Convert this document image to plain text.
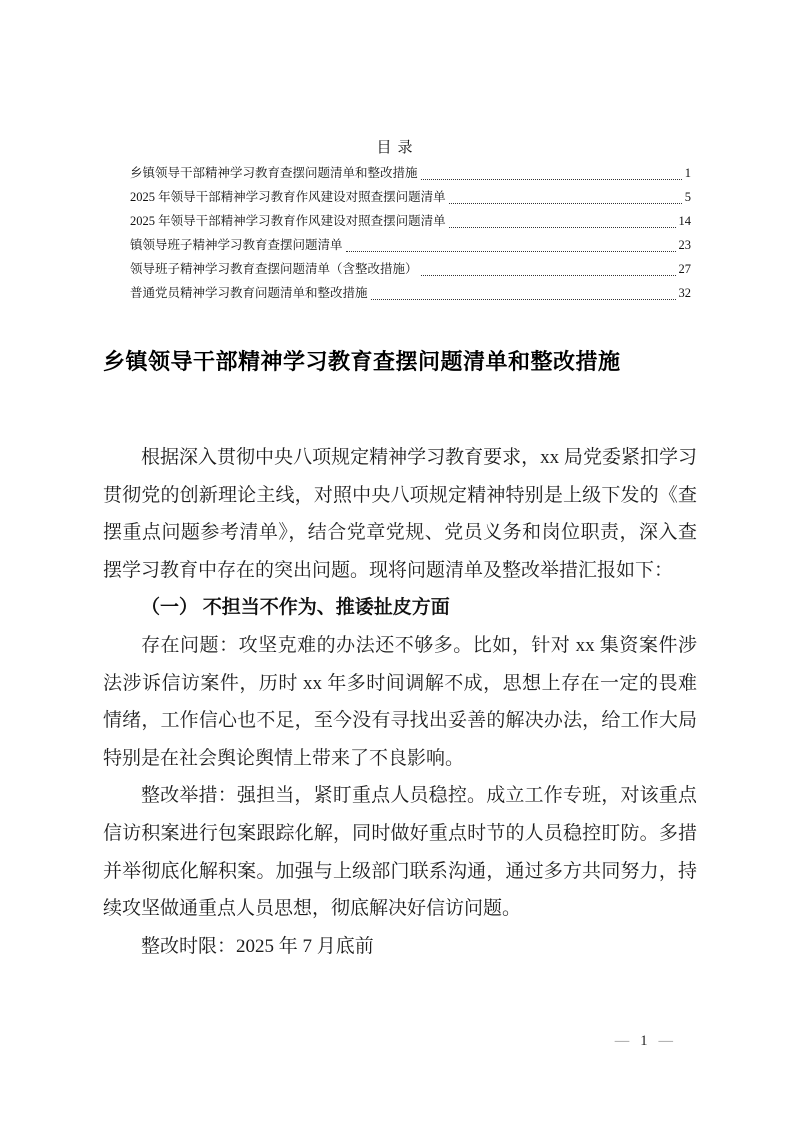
目录
乡镇领导干部精神学习教育查摆问题清单和整改措施	1
2025 年领导干部精神学习教育作风建设对照查摆问题清单	5
2025 年领导干部精神学习教育作风建设对照查摆问题清单	14
镇领导班子精神学习教育查摆问题清单	23
领导班子精神学习教育查摆问题清单（含整改措施）	27
普通党员精神学习教育问题清单和整改措施	32
乡镇领导干部精神学习教育查摆问题清单和整改措施

根据深入贯彻中央八项规定精神学习教育要求，xx 局党委紧扣学习贯彻党的创新理论主线，对照中央八项规定精神特别是上级下发的《查摆重点问题参考清单》，结合党章党规、党员义务和岗位职责，深入查摆学习教育中存在的突出问题。现将问题清单及整改举措汇报如下：

（一） 不担当不作为、推诿扯皮方面

存在问题：攻坚克难的办法还不够多。比如，针对 xx 集资案件涉法涉诉信访案件，历时 xx 年多时间调解不成，思想上存在一定的畏难情绪，工作信心也不足，至今没有寻找出妥善的解决办法，给工作大局特别是在社会舆论舆情上带来了不良影响。

整改举措：强担当，紧盯重点人员稳控。成立工作专班，对该重点信访积案进行包案跟踪化解，同时做好重点时节的人员稳控盯防。多措并举彻底化解积案。加强与上级部门联系沟通，通过多方共同努力，持续攻坚做通重点人员思想，彻底解决好信访问题。

整改时限：2025 年 7 月底前

— 1 —
